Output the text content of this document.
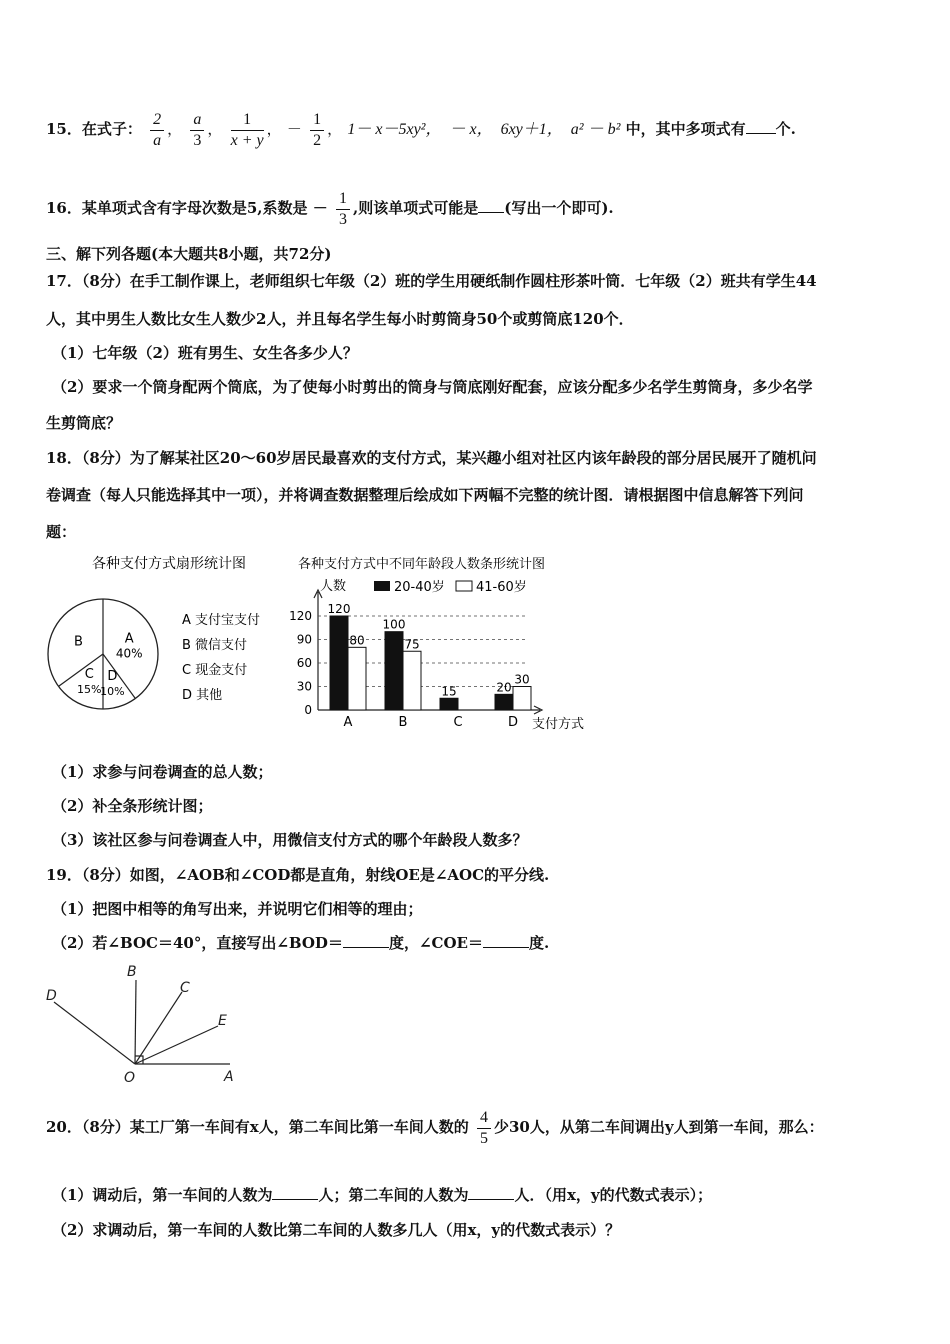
15．在式子： $\frac{2}{a}$ ， $\frac{a}{3}$ ， $\frac{1}{x + y}$ ， － $\frac{1}{2}$ ， 1－ x－5xy²，　－ x，　6xy＋1，　a² － b² 中，其中多项式有 个.
16．某单项式含有字母次数是5,系数是 － $\frac{1}{3}$ ,则该单项式可能是 (写出一个即可).
三、解下列各题(本大题共8小题，共72分)
17．（8分）在手工制作课上，老师组织七年级（2）班的学生用硬纸制作圆柱形茶叶筒．七年级（2）班共有学生44
人，其中男生人数比女生人数少2人，并且每名学生每小时剪筒身50个或剪筒底120个．
（1）七年级（2）班有男生、女生各多少人？
（2）要求一个筒身配两个筒底，为了使每小时剪出的筒身与筒底刚好配套，应该分配多少名学生剪筒身，多少名学
生剪筒底？
18．（8分）为了解某社区20～60岁居民最喜欢的支付方式，某兴趣小组对社区内该年龄段的部分居民展开了随机问
卷调查（每人只能选择其中一项），并将调查数据整理后绘成如下两幅不完整的统计图．请根据图中信息解答下列问
题：
各种支付方式扇形统计图
A
40%
B
C
15%
D
10%
A 支付宝支付
B 微信支付
C 现金支付
D 其他
各种支付方式中不同年龄段人数条形统计图
人数	20-40岁 41-60岁
0
30
60
90
120 120
80
A
100
75
B
15
C
20
30
D 支付方式
（1）求参与问卷调查的总人数；
（2）补全条形统计图；
（3）该社区参与问卷调查人中，用微信支付方式的哪个年龄段人数多？
19．（8分）如图，∠AOB和∠COD都是直角，射线OE是∠AOC的平分线.
（1）把图中相等的角写出来，并说明它们相等的理由；
（2）若∠BOC＝40°，直接写出∠BOD＝	度，∠COE＝	度.
A
B
C
D
E
O
20．（8分）某工厂第一车间有x人，第二车间比第一车间人数的 $\frac{4}{5}$ 少30人，从第二车间调出y人到第一车间，那么：
（1）调动后，第一车间的人数为	人；第二车间的人数为	人．（用x，y的代数式表示）；
（2）求调动后，第一车间的人数比第二车间的人数多几人（用x，y的代数式表示）？
